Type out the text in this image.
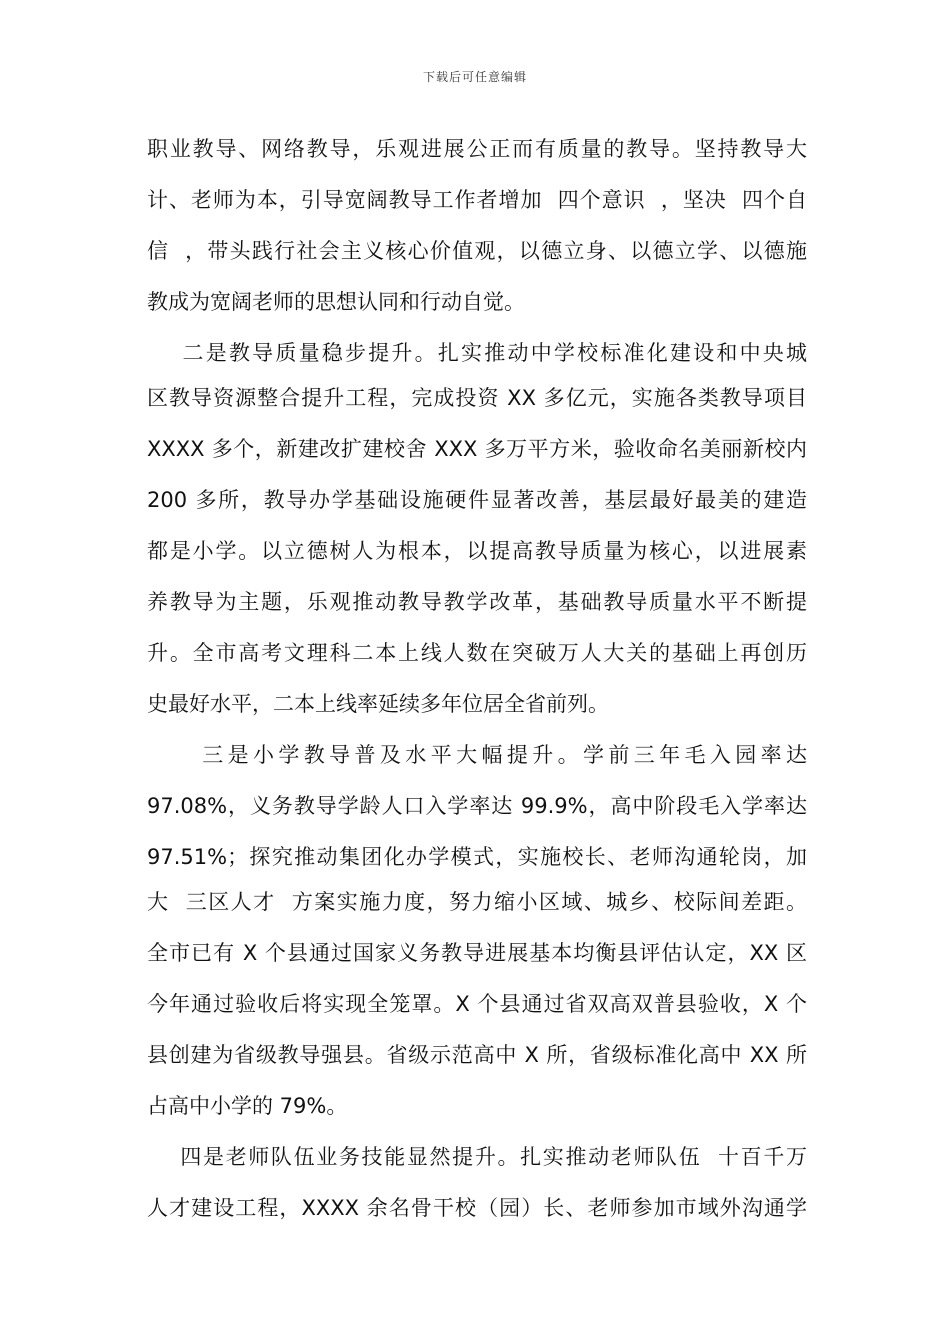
下载后可任意编辑
职业教导、网络教导，乐观进展公正而有质量的教导。坚持教导大
计、老师为本，引导宽阔教导工作者增加  四个意识  ，坚决  四个自
信  ，带头践行社会主义核心价值观，以德立身、以德立学、以德施
教成为宽阔老师的思想认同和行动自觉。
二是教导质量稳步提升。扎实推动中学校标准化建设和中央城
区教导资源整合提升工程，完成投资 XX 多亿元，实施各类教导项目
XXXX 多个，新建改扩建校舍 XXX 多万平方米，验收命名美丽新校内
200 多所，教导办学基础设施硬件显著改善，基层最好最美的建造
都是小学。以立德树人为根本，以提高教导质量为核心，以进展素
养教导为主题，乐观推动教导教学改革，基础教导质量水平不断提
升。全市高考文理科二本上线人数在突破万人大关的基础上再创历
史最好水平，二本上线率延续多年位居全省前列。
三是小学教导普及水平大幅提升。学前三年毛入园率达
97.08%，义务教导学龄人口入学率达 99.9%，高中阶段毛入学率达
97.51%；探究推动集团化办学模式，实施校长、老师沟通轮岗，加
大  三区人才  方案实施力度，努力缩小区域、城乡、校际间差距。
全市已有 X 个县通过国家义务教导进展基本均衡县评估认定，XX 区
今年通过验收后将实现全笼罩。X 个县通过省双高双普县验收，X 个
县创建为省级教导强县。省级示范高中 X 所，省级标准化高中 XX 所
占高中小学的 79%。
四是老师队伍业务技能显然提升。扎实推动老师队伍  十百千万
人才建设工程，XXXX 余名骨干校（园）长、老师参加市域外沟通学
